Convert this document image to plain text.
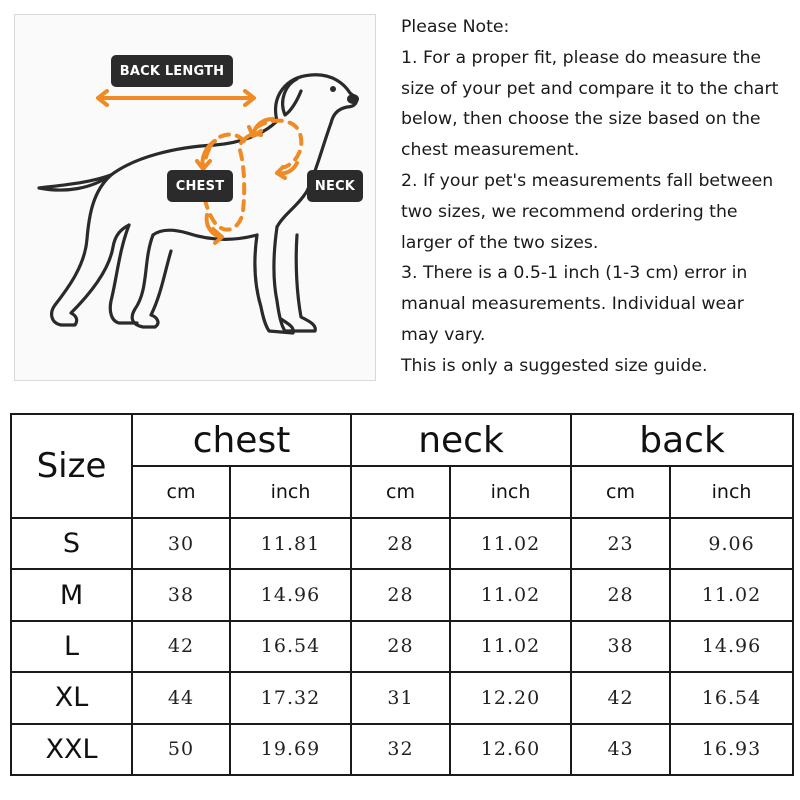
BACK LENGTH
CHEST	NECK
Please Note:
1. For a proper fit, please do measure the
size of your pet and compare it to the chart
below, then choose the size based on the
chest measurement.
2. If your pet's measurements fall between
two sizes, we recommend ordering the
larger of the two sizes.
3. There is a 0.5-1 inch (1-3 cm) error in
manual measurements. Individual wear
may vary.
This is only a suggested size guide.
Size	chest		neck		back	
	cm	inch	cm	inch	cm	inch
S	30	11.81	28	11.02	23	9.06
M	38	14.96	28	11.02	28	11.02
L	42	16.54	28	11.02	38	14.96
XL	44	17.32	31	12.20	42	16.54
XXL	50	19.69	32	12.60	43	16.93
